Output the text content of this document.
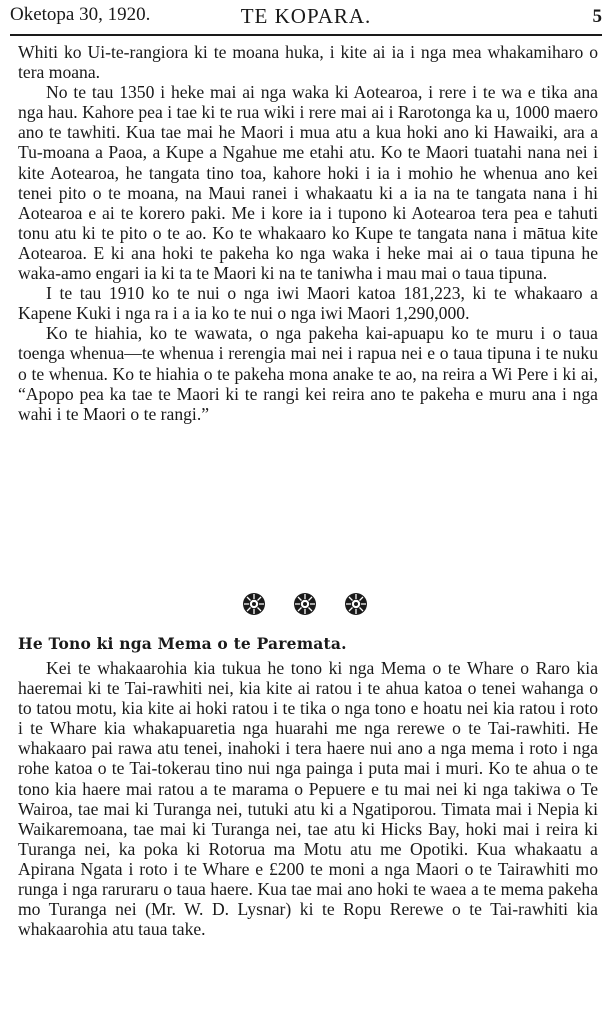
Oketopa 30, 1920.	TE KOPARA.	5

Whiti ko Ui-te-rangiora ki te moana huka, i kite ai ia i nga mea whakamiharo o tera moana.

No te tau 1350 i heke mai ai nga waka ki Aotearoa, i rere i te wa e tika ana nga hau. Kahore pea i tae ki te rua wiki i rere mai ai i Rarotonga ka u, 1000 maero ano te tawhiti. Kua tae mai he Maori i mua atu a kua hoki ano ki Hawaiki, ara a Tu-moana a Paoa, a Kupe a Ngahue me etahi atu. Ko te Maori tuatahi nana nei i kite Aotearoa, he tangata tino toa, kahore hoki i ia i mohio he whenua ano kei tenei pito o te moana, na Maui ranei i whakaatu ki a ia na te tangata nana i hi Aotearoa e ai te korero paki. Me i kore ia i tupono ki Aotearoa tera pea e tahuti tonu atu ki te pito o te ao. Ko te whakaaro ko Kupe te tangata nana i mātua kite Aotearoa. E ki ana hoki te pakeha ko nga waka i heke mai ai o taua tipuna he waka-amo engari ia ki ta te Maori ki na te taniwha i mau mai o taua tipuna.

I te tau 1910 ko te nui o nga iwi Maori katoa 181,223, ki te whakaaro a Kapene Kuki i nga ra i a ia ko te nui o nga iwi Maori 1,290,000.

Ko te hiahia, ko te wawata, o nga pakeha kai-apuapu ko te muru i o taua toenga whenua—te whenua i rerengia mai nei i rapua nei e o taua tipuna i te nuku o te whenua. Ko te hiahia o te pakeha mona anake te ao, na reira a Wi Pere i ki ai, “Apopo pea ka tae te Maori ki te rangi kei reira ano te pakeha e muru ana i nga wahi i te Maori o te rangi.”

He Tono ki nga Mema o te Paremata.

Kei te whakaarohia kia tukua he tono ki nga Mema o te Whare o Raro kia haeremai ki te Tai-rawhiti nei, kia kite ai ratou i te ahua katoa o tenei wahanga o to tatou motu, kia kite ai hoki ratou i te tika o nga tono e hoatu nei kia ratou i roto i te Whare kia whakapuaretia nga huarahi me nga rerewe o te Tai-rawhiti. He whakaaro pai rawa atu tenei, inahoki i tera haere nui ano a nga mema i roto i nga rohe katoa o te Tai-tokerau tino nui nga painga i puta mai i muri. Ko te ahua o te tono kia haere mai ratou a te marama o Pepuere e tu mai nei ki nga takiwa o Te Wairoa, tae mai ki Turanga nei, tutuki atu ki a Ngatiporou. Timata mai i Nepia ki Waikaremoana, tae mai ki Turanga nei, tae atu ki Hicks Bay, hoki mai i reira ki Turanga nei, ka poka ki Rotorua ma Motu atu me Opotiki. Kua whakaatu a Apirana Ngata i roto i te Whare e £200 te moni a nga Maori o te Tairawhiti mo runga i nga raruraru o taua haere. Kua tae mai ano hoki te waea a te mema pakeha mo Turanga nei (Mr. W. D. Lysnar) ki te Ropu Rerewe o te Tai-rawhiti kia whakaarohia atu taua take.
